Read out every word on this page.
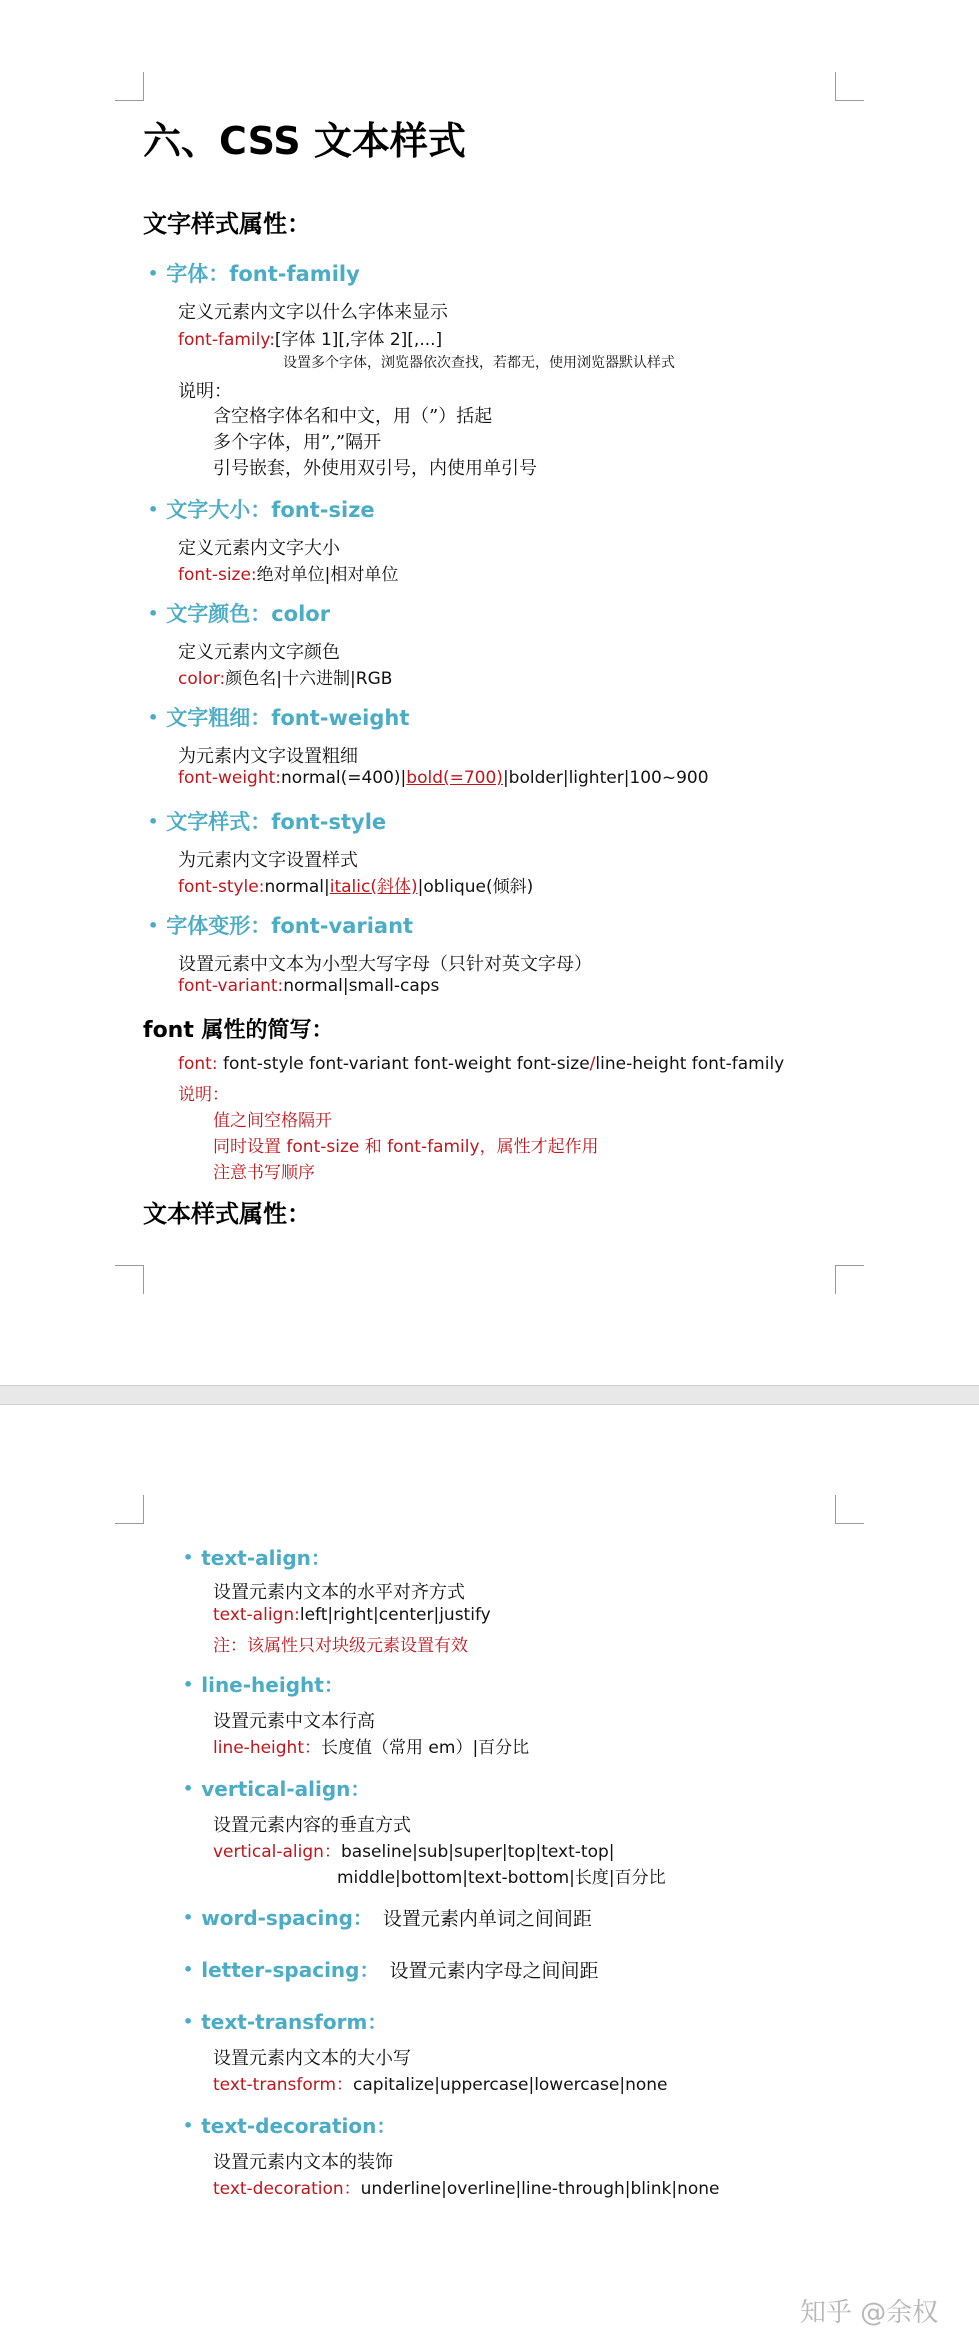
六、CSS 文本样式
文字样式属性：
• 字体：font-family
定义元素内文字以什么字体来显示
font-family:[字体 1][,字体 2][,...]
设置多个字体，浏览器依次查找，若都无，使用浏览器默认样式
说明：
含空格字体名和中文，用（”）括起
多个字体，用”,”隔开
引号嵌套，外使用双引号，内使用单引号
• 文字大小：font-size
定义元素内文字大小
font-size:绝对单位|相对单位
• 文字颜色：color
定义元素内文字颜色
color:颜色名|十六进制|RGB
• 文字粗细：font-weight
为元素内文字设置粗细
font-weight:normal(=400)|bold(=700)|bolder|lighter|100~900
• 文字样式：font-style
为元素内文字设置样式
font-style:normal|italic(斜体)|oblique(倾斜)
• 字体变形：font-variant
设置元素中文本为小型大写字母（只针对英文字母）
font-variant:normal|small-caps
font 属性的简写：
font: font-style font-variant font-weight font-size/line-height font-family
说明：
值之间空格隔开
同时设置 font-size 和 font-family，属性才起作用
注意书写顺序
文本样式属性：
• text-align：
设置元素内文本的水平对齐方式
text-align:left|right|center|justify
注：该属性只对块级元素设置有效
• line-height：
设置元素中文本行高
line-height：长度值（常用 em）|百分比
• vertical-align：
设置元素内容的垂直方式
vertical-align：baseline|sub|super|top|text-top|
middle|bottom|text-bottom|长度|百分比
• word-spacing： 设置元素内单词之间间距
• letter-spacing： 设置元素内字母之间间距
• text-transform：
设置元素内文本的大小写
text-transform：capitalize|uppercase|lowercase|none
• text-decoration：
设置元素内文本的装饰
text-decoration：underline|overline|line-through|blink|none
知乎 @余权
